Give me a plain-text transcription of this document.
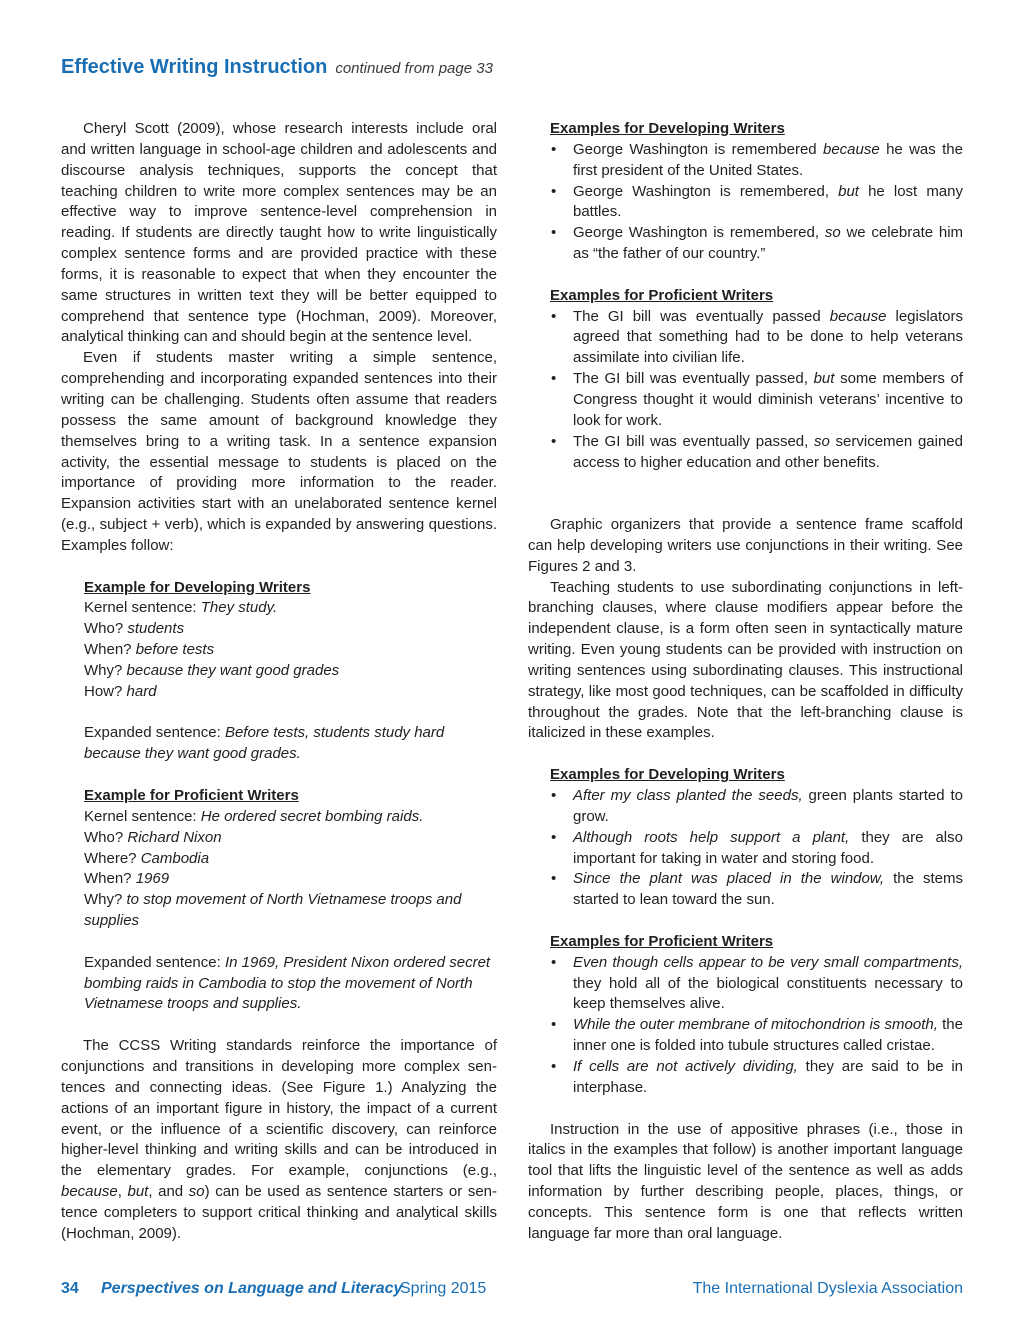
Effective Writing Instruction continued from page 33

Cheryl Scott (2009), whose research interests include oral and written language in school-age children and adolescents and discourse analysis techniques, supports the concept that teaching children to write more complex sentences may be an effective way to improve sentence-level comprehension in reading. If students are directly taught how to write linguistically complex sentence forms and are provided practice with these forms, it is reasonable to expect that when they encounter the same structures in written text they will be better equipped to comprehend that sentence type (Hochman, 2009). Moreover, analytical thinking can and should begin at the sentence level.

Even if students master writing a simple sentence, comprehending and incorporating expanded sentences into their writing can be challenging. Students often assume that readers possess the same amount of background knowledge they themselves bring to a writing task. In a sentence expansion activity, the essential message to students is placed on the importance of providing more information to the reader. Expansion activities start with an unelaborated sentence kernel (e.g., subject + verb), which is expanded by answering questions. Examples follow:

Example for Developing Writers
Kernel sentence: They study.
Who? students
When? before tests
Why? because they want good grades
How? hard
Expanded sentence: Before tests, students study hard because they want good grades.
Example for Proficient Writers
Kernel sentence: He ordered secret bombing raids.
Who? Richard Nixon
Where? Cambodia
When? 1969
Why? to stop movement of North Vietnamese troops and supplies
Expanded sentence: In 1969, President Nixon ordered secret bombing raids in Cambodia to stop the movement of North Vietnamese troops and supplies.

The CCSS Writing standards reinforce the importance of conjunctions and transitions in developing more complex sentences and connecting ideas. (See Figure 1.) Analyzing the actions of an important figure in history, the impact of a current event, or the influence of a scientific discovery, can reinforce higher-level thinking and writing skills and can be introduced in the elementary grades. For example, conjunctions (e.g., because, but, and so) can be used as sentence starters or sentence completers to support critical thinking and analytical skills (Hochman, 2009).

Examples for Developing Writers
• George Washington is remembered because he was the first president of the United States.
• George Washington is remembered, but he lost many battles.
• George Washington is remembered, so we celebrate him as “the father of our country.”
Examples for Proficient Writers
• The GI bill was eventually passed because legislators agreed that something had to be done to help veterans assimilate into civilian life.
• The GI bill was eventually passed, but some members of Congress thought it would diminish veterans’ incentive to look for work.
• The GI bill was eventually passed, so servicemen gained access to higher education and other benefits.

Graphic organizers that provide a sentence frame scaffold can help developing writers use conjunctions in their writing. See Figures 2 and 3.

Teaching students to use subordinating conjunctions in left-branching clauses, where clause modifiers appear before the independent clause, is a form often seen in syntactically mature writing. Even young students can be provided with instruction on writing sentences using subordinating clauses. This instructional strategy, like most good techniques, can be scaffolded in difficulty throughout the grades. Note that the left-branching clause is italicized in these examples.

Examples for Developing Writers
• After my class planted the seeds, green plants started to grow.
• Although roots help support a plant, they are also important for taking in water and storing food.
• Since the plant was placed in the window, the stems started to lean toward the sun.
Examples for Proficient Writers
• Even though cells appear to be very small compartments, they hold all of the biological constituents necessary to keep themselves alive.
• While the outer membrane of mitochondrion is smooth, the inner one is folded into tubule structures called cristae.
• If cells are not actively dividing, they are said to be in interphase.

Instruction in the use of appositive phrases (i.e., those in italics in the examples that follow) is another important language tool that lifts the linguistic level of the sentence as well as adds information by further describing people, places, things, or concepts. This sentence form is one that reflects written language far more than oral language.

34 Perspectives on Language and Literacy
Spring 2015	The International Dyslexia Association
